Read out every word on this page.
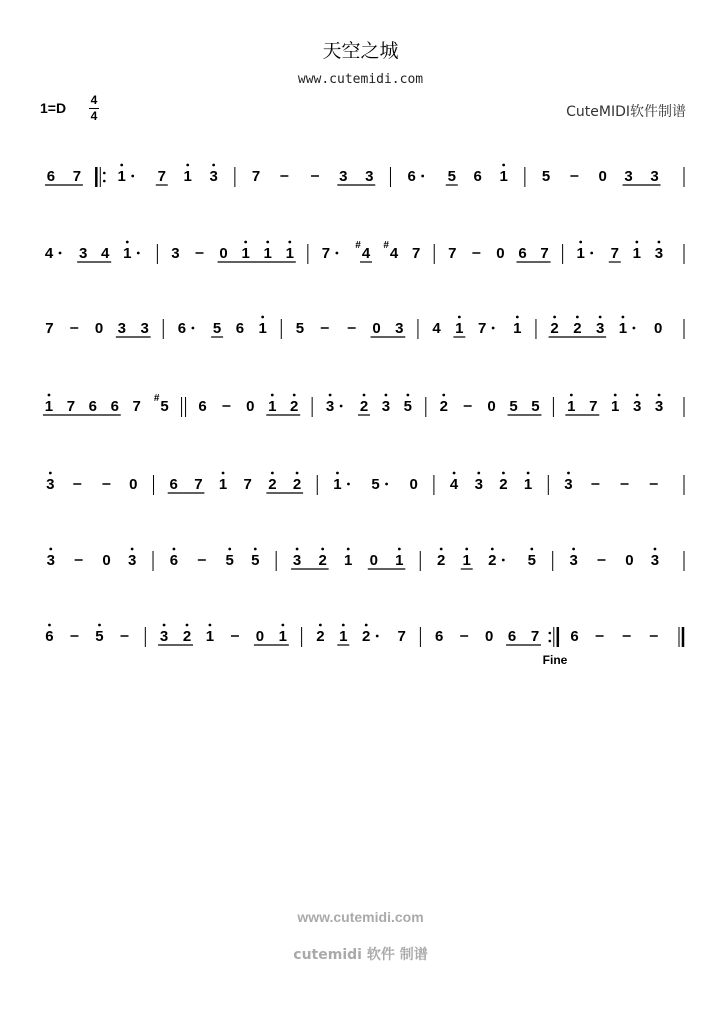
天空之城
www.cutemidi.com
1=D 4
4	CuteMIDI软件制谱
6 7 1 7 1 3 7	3 3 6 5 6 1 5	0 3 3
4 3 4 1	3	0 1 1 1 7	# 4 # 4 7 7	0 6 7 1 7 1 3
7	0 3 3 6 5 6 1 5	0 3 4 1 7 1 2 2 3 1 0
1 7 6 6 7 # 5 6	0 1 2 3 2 3 5 2	0 5 5 1 7 1 3 3
3	0 6 7 1 7 2 2 1 5 0 4 3 2 1 3
3	0 3 6	5 5 3 2 1 0 1 2 1 2 5 3	0 3
6	5	3 2 1	0 1 2 1 2 7 6	0 6 7
Fine
6
www.cutemidi.com
cutemidi 软件 制谱
